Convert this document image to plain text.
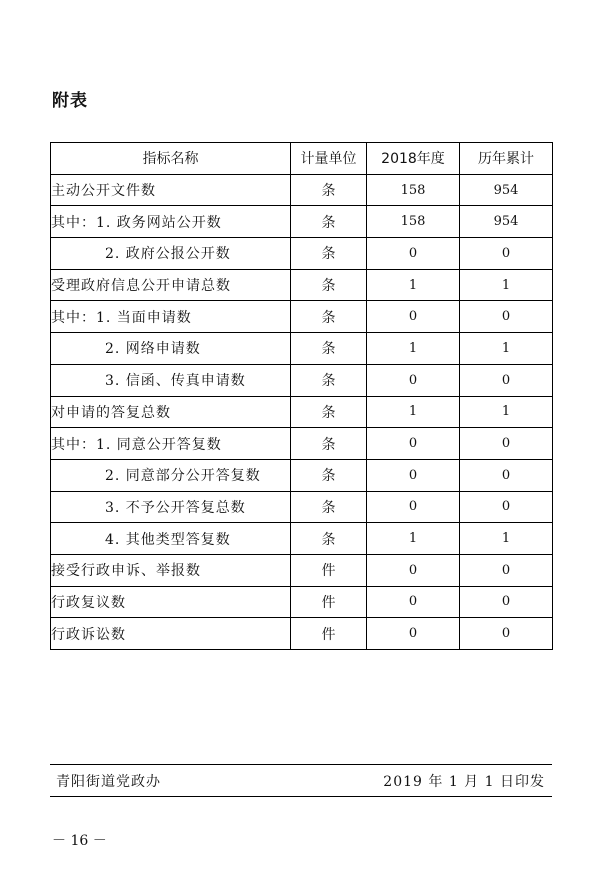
附表
指标名称	计量单位	2018年度	历年累计
主动公开文件数	条	158	954
其中：1. 政务网站公开数	条	158	954
2. 政府公报公开数	条	0	0
受理政府信息公开申请总数	条	1	1
其中：1. 当面申请数	条	0	0
2. 网络申请数	条	1	1
3. 信函、传真申请数	条	0	0
对申请的答复总数	条	1	1
其中：1. 同意公开答复数	条	0	0
2. 同意部分公开答复数	条	0	0
3. 不予公开答复总数	条	0	0
4. 其他类型答复数	条	1	1
接受行政申诉、举报数	件	0	0
行政复议数	件	0	0
行政诉讼数	件	0	0
青阳街道党政办	2019 年 1 月 1 日印发
－ 16 －
